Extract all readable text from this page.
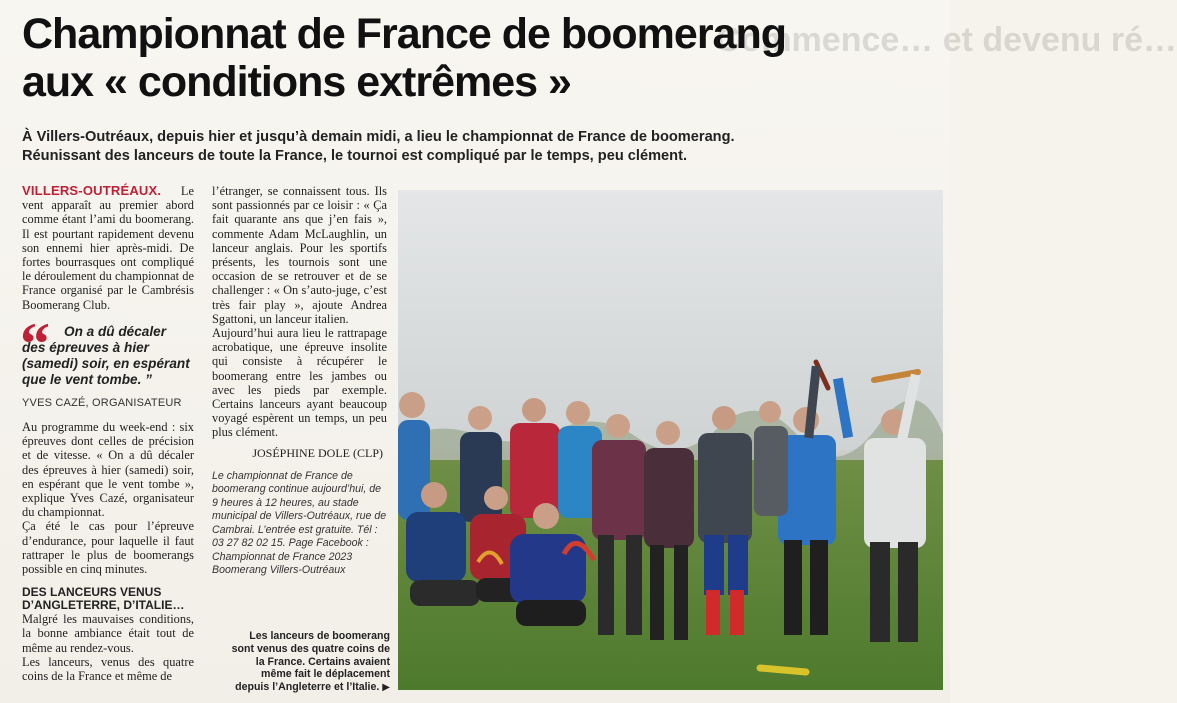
Commence… et devenu ré…
Championnat de France de boomerang
aux « conditions extrêmes »
À Villers-Outréaux, depuis hier et jusqu’à demain midi, a lieu le championnat de France de boomerang.
Réunissant des lanceurs de toute la France, le tournoi est compliqué par le temps, peu clément.

VILLERS-OUTRÉAUX. Le vent apparaît au premier abord comme étant l’ami du boomerang. Il est pourtant rapidement devenu son ennemi hier après-midi. De fortes bourrasques ont compliqué le déroulement du championnat de France organisé par le Cambrésis Boomerang Club.

“	On a dû décaler
des épreuves à hier (samedi) soir, en espérant que le vent tombe. ”
YVES CAZÉ, ORGANISATEUR

Au programme du week-end : six épreuves dont celles de précision et de vitesse. « On a dû décaler des épreuves à hier (samedi) soir, en espérant que le vent tombe », explique Yves Cazé, organisateur du championnat.

Ça été le cas pour l’épreuve d’endurance, pour laquelle il faut rattraper le plus de boomerangs possible en cinq minutes.

DES LANCEURS VENUS D’ANGLETERRE, D’ITALIE…

Malgré les mauvaises conditions, la bonne ambiance était tout de même au rendez-vous.

Les lanceurs, venus des quatre coins de la France et même de

l’étranger, se connaissent tous. Ils sont passionnés par ce loisir : « Ça fait quarante ans que j’en fais », commente Adam McLaughlin, un lanceur anglais. Pour les sportifs présents, les tournois sont une occasion de se retrouver et de se challenger : « On s’auto-juge, c’est très fair play », ajoute Andrea Sgattoni, un lanceur italien.

Aujourd’hui aura lieu le rattrapage acrobatique, une épreuve insolite qui consiste à récupérer le boomerang entre les jambes ou avec les pieds par exemple. Certains lanceurs ayant beaucoup voyagé espèrent un temps, un peu plus clément.

JOSÉPHINE DOLE (CLP)
Le championnat de France de boomerang continue aujourd’hui, de 9 heures à 12 heures, au stade municipal de Villers-Outréaux, rue de Cambrai. L’entrée est gratuite. Tél : 03 27 82 02 15. Page Facebook : Championnat de France 2023 Boomerang Villers-Outréaux
Les lanceurs de boomerang sont venus des quatre coins de la France. Certains avaient même fait le déplacement depuis l’Angleterre et l’Italie. ▶
